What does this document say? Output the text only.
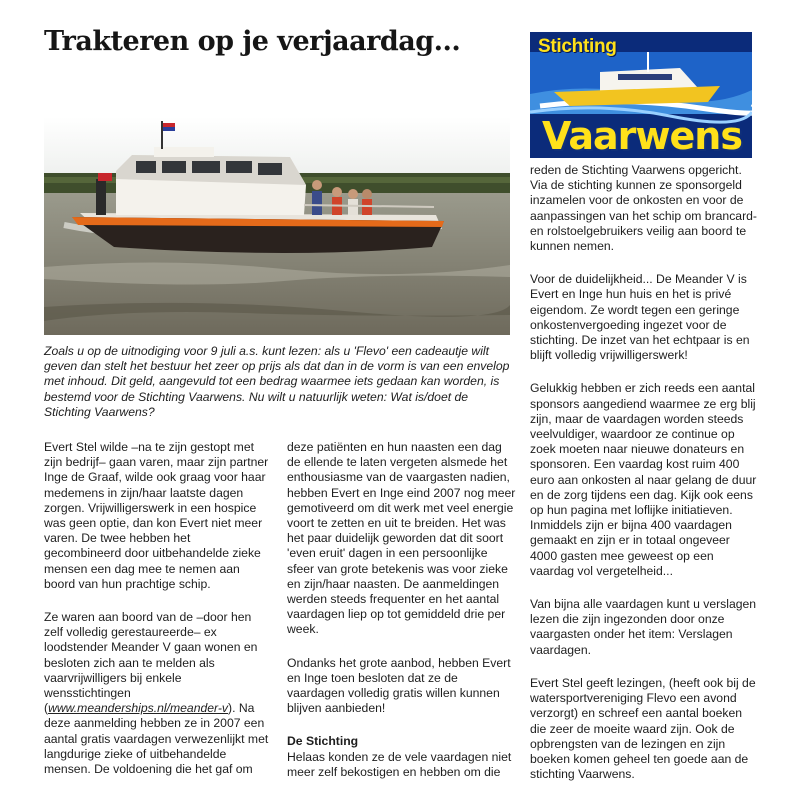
Trakteren op je verjaardag...	Stichting
Vaarwens
Zoals u op de uitnodiging voor 9 juli a.s. kunt lezen: als u 'Flevo' een cadeautje wilt geven dan stelt het bestuur het zeer op prijs als dat dan in de vorm is van een envelop met inhoud. Dit geld, aangevuld tot een bedrag waarmee iets gedaan kan worden, is bestemd voor de Stichting Vaarwens. Nu wilt u natuurlijk weten: Wat is/doet de Stichting Vaarwens?

Evert Stel wilde –na te zijn gestopt met zijn bedrijf– gaan varen, maar zijn partner Inge de Graaf, wilde ook graag voor haar medemens in zijn/haar laatste dagen zorgen. Vrijwilligerswerk in een hospice was geen optie, dan kon Evert niet meer varen. De twee hebben het gecombineerd door uitbehandelde zieke mensen een dag mee te nemen aan boord van hun prachtige schip.

Ze waren aan boord van de –door hen zelf volledig gerestaureerde– ex loodstender Meander V gaan wonen en besloten zich aan te melden als vaarvrijwilligers bij enkele wensstichtingen (www.meanderships.nl/meander-v). Na deze aanmelding hebben ze in 2007 een aantal gratis vaardagen verwezenlijkt met langdurige zieke of uitbehandelde mensen. De voldoening die het gaf om

deze patiënten en hun naasten een dag de ellende te laten vergeten alsmede het enthousiasme van de vaargasten nadien, hebben Evert en Inge eind 2007 nog meer gemotiveerd om dit werk met veel energie voort te zetten en uit te breiden. Het was het paar duidelijk geworden dat dit soort 'even eruit' dagen in een persoonlijke sfeer van grote betekenis was voor zieke en zijn/haar naasten. De aanmeldingen werden steeds frequenter en het aantal vaardagen liep op tot gemiddeld drie per week.

Ondanks het grote aanbod, hebben Evert en Inge toen besloten dat ze de vaardagen volledig gratis willen kunnen blijven aanbieden!

De Stichting
Helaas konden ze de vele vaardagen niet meer zelf bekostigen en hebben om die

reden de Stichting Vaarwens opgericht. Via de stichting kunnen ze sponsorgeld inzamelen voor de onkosten en voor de aanpassingen van het schip om brancard- en rolstoelgebruikers veilig aan boord te kunnen nemen.

Voor de duidelijkheid... De Meander V is Evert en Inge hun huis en het is privé eigendom. Ze wordt tegen een geringe onkostenvergoeding ingezet voor de stichting. De inzet van het echtpaar is en blijft volledig vrijwilligerswerk!

Gelukkig hebben er zich reeds een aantal sponsors aangediend waarmee ze erg blij zijn, maar de vaardagen worden steeds veelvuldiger, waardoor ze continue op zoek moeten naar nieuwe donateurs en sponsoren. Een vaardag kost ruim 400 euro aan onkosten al naar gelang de duur en de zorg tijdens een dag. Kijk ook eens op hun pagina met loflijke initiatieven. Inmiddels zijn er bijna 400 vaardagen gemaakt en zijn er in totaal ongeveer 4000 gasten mee geweest op een vaardag vol vergetelheid...

Van bijna alle vaardagen kunt u verslagen lezen die zijn ingezonden door onze vaargasten onder het item: Verslagen vaardagen.

Evert Stel geeft lezingen, (heeft ook bij de watersportvereniging Flevo een avond verzorgt) en schreef een aantal boeken die zeer de moeite waard zijn. Ook de opbrengsten van de lezingen en zijn boeken komen geheel ten goede aan de stichting Vaarwens.
